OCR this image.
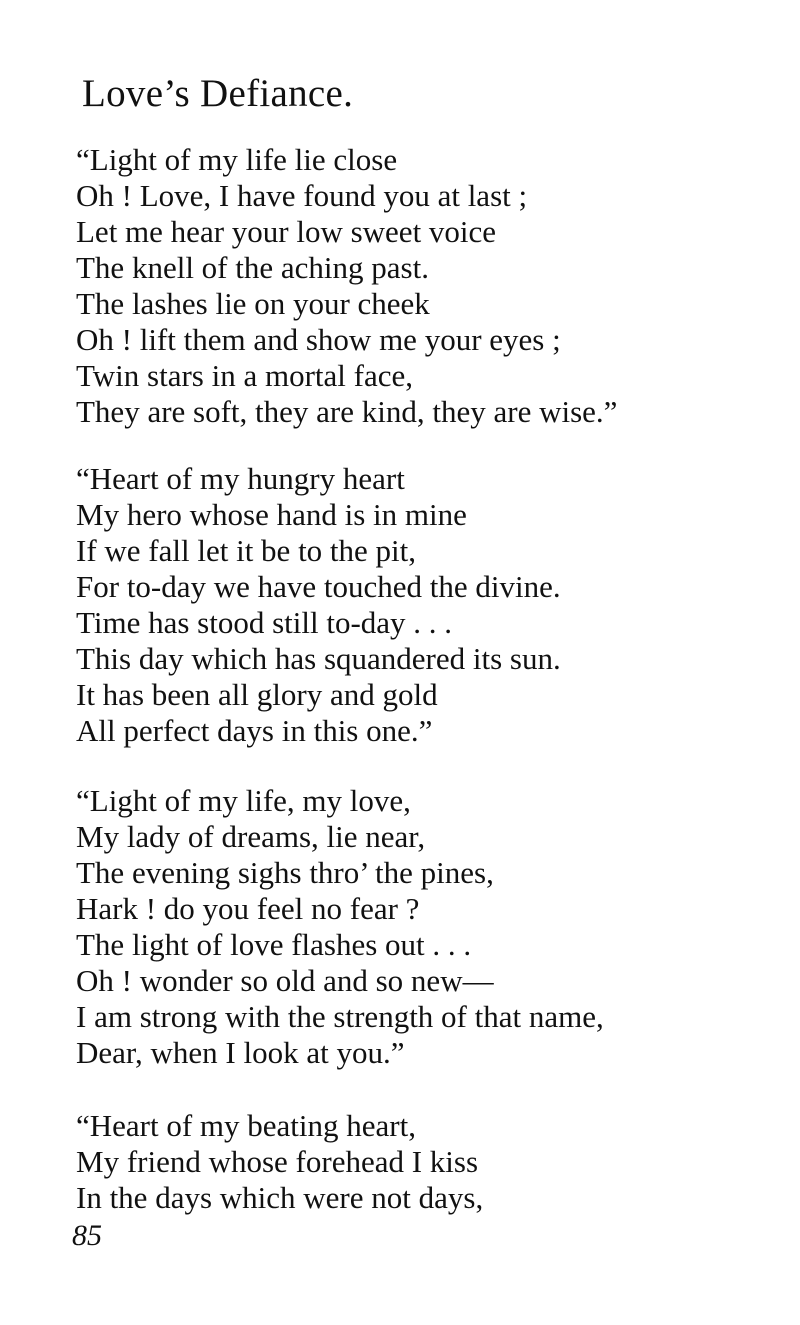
Love’s Defiance.
“Light of my life lie close
Oh ! Love, I have found you at last ;
Let me hear your low sweet voice
The knell of the aching past.
The lashes lie on your cheek
Oh ! lift them and show me your eyes ;
Twin stars in a mortal face,
They are soft, they are kind, they are wise.”
“Heart of my hungry heart
My hero whose hand is in mine
If we fall let it be to the pit,
For to-day we have touched the divine.
Time has stood still to-day . . .
This day which has squandered its sun.
It has been all glory and gold
All perfect days in this one.”
“Light of my life, my love,
My lady of dreams, lie near,
The evening sighs thro’ the pines,
Hark ! do you feel no fear ?
The light of love flashes out . . .
Oh ! wonder so old and so new—
I am strong with the strength of that name,
Dear, when I look at you.”
“Heart of my beating heart,
My friend whose forehead I kiss
In the days which were not days,
85
